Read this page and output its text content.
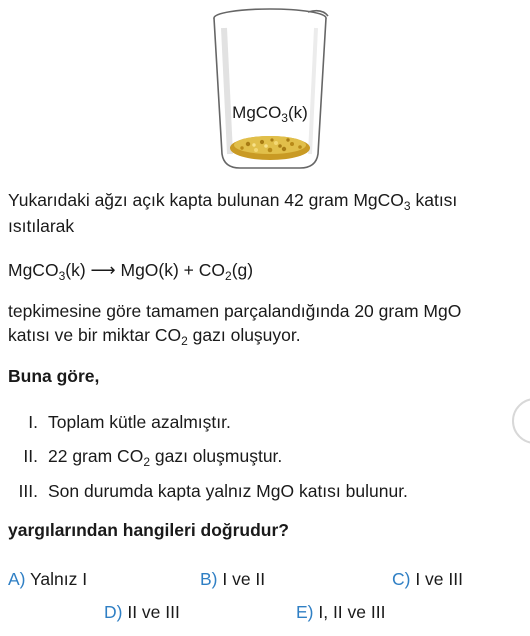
MgCO$_3$(k)
Yukarıdaki ağzı açık kapta bulunan 42 gram MgCO$_3$ katısı
ısıtılarak
MgCO$_3$(k) ⟶ $MgO(k) + CO_2(g)$
tepkimesine göre tamamen parçalandığında 20 gram MgO
katısı ve bir miktar $CO_2$ gazı oluşuyor.
Buna göre,
I. Toplam kütle azalmıştır.
II. 22 gram $CO_2$ gazı oluşmuştur.
III. Son durumda kapta yalnız MgO katısı bulunur.
yargılarından hangileri doğrudur?
A) Yalnız I	B) I ve II	C) I ve III
D) II ve III	E) I, II ve III
